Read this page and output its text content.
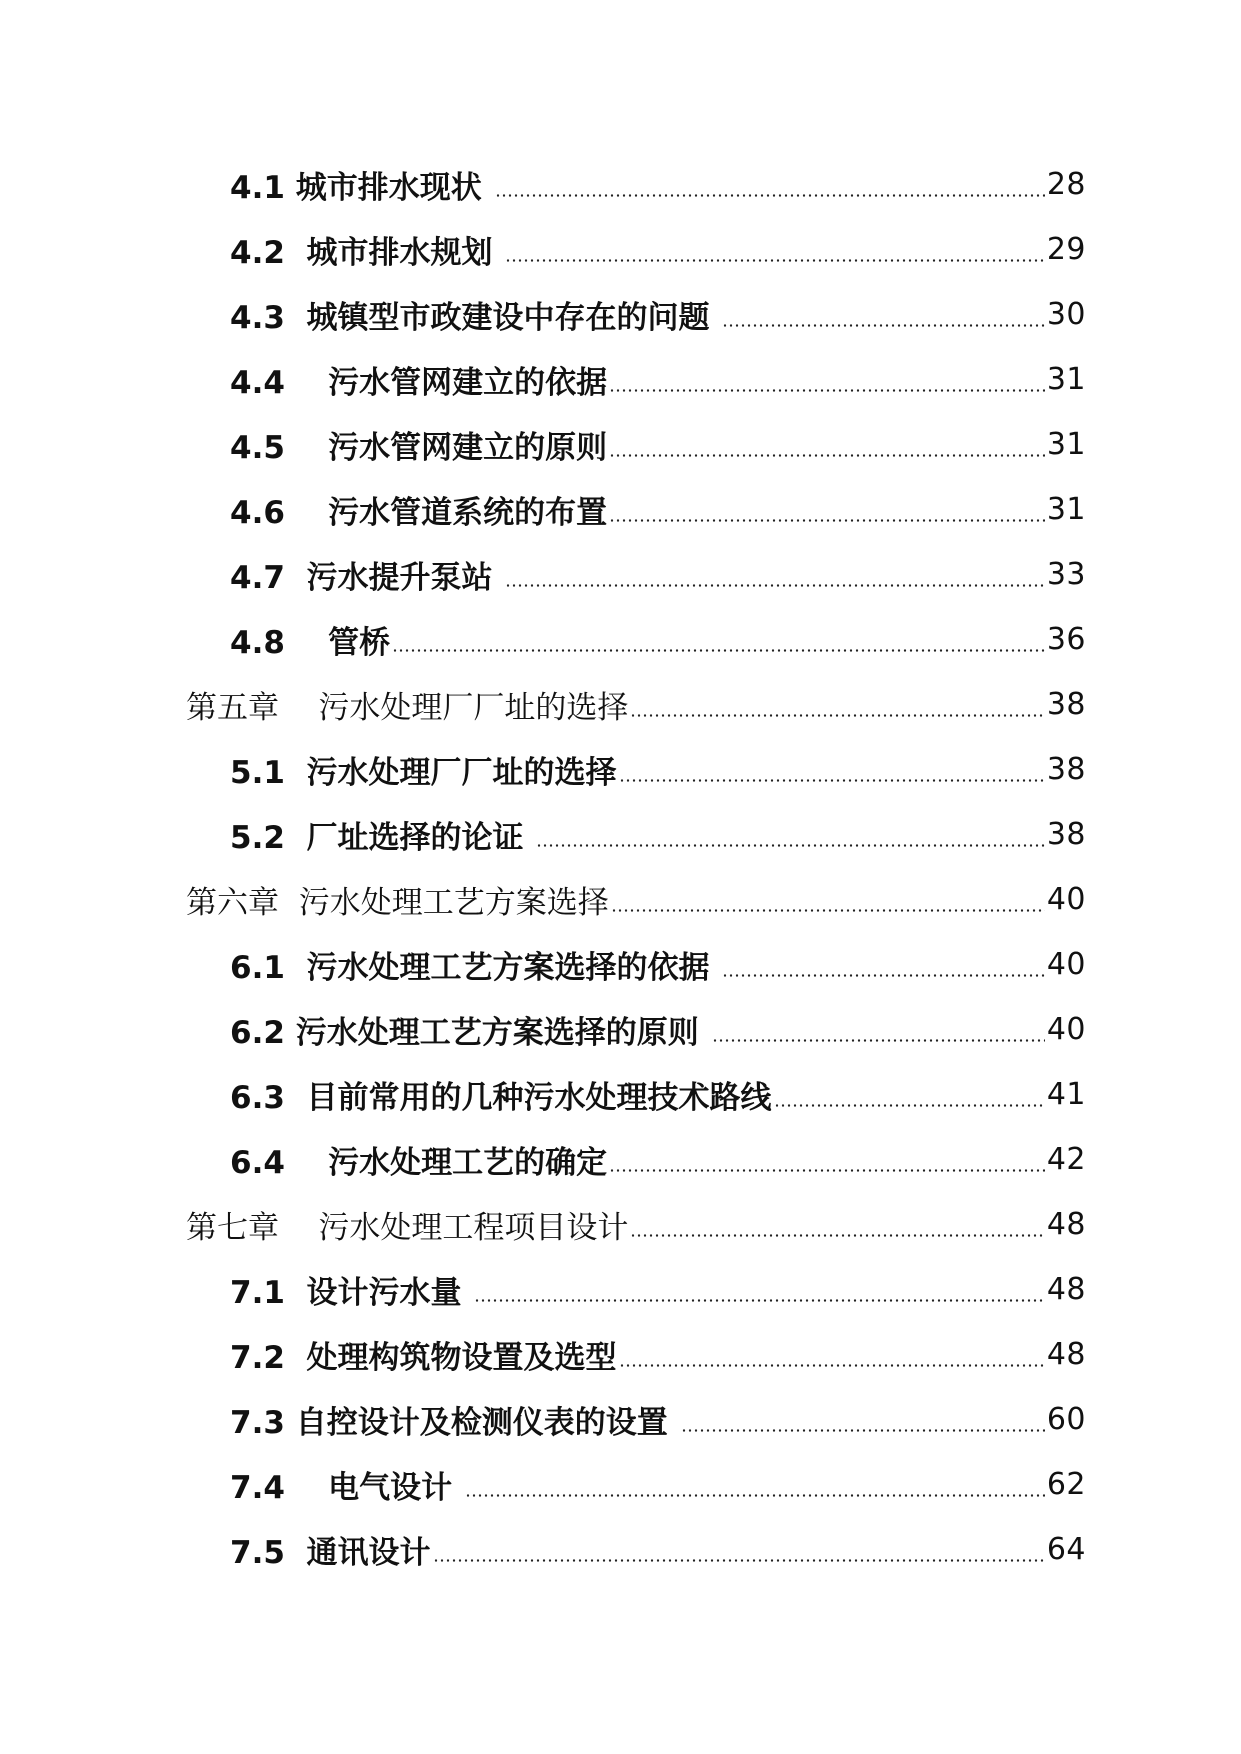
4.1 城市排水现状	28
4.2  城市排水规划	29
4.3  城镇型市政建设中存在的问题	30
4.4    污水管网建立的依据	31
4.5    污水管网建立的原则	31
4.6    污水管道系统的布置	31
4.7  污水提升泵站	33
4.8    管桥	36
第五章    污水处理厂厂址的选择	38
5.1  污水处理厂厂址的选择	38
5.2  厂址选择的论证	38
第六章  污水处理工艺方案选择	40
6.1  污水处理工艺方案选择的依据	40
6.2 污水处理工艺方案选择的原则	40
6.3  目前常用的几种污水处理技术路线	41
6.4    污水处理工艺的确定	42
第七章    污水处理工程项目设计	48
7.1  设计污水量	48
7.2  处理构筑物设置及选型	48
7.3 自控设计及检测仪表的设置	60
7.4    电气设计	62
7.5  通讯设计	64
